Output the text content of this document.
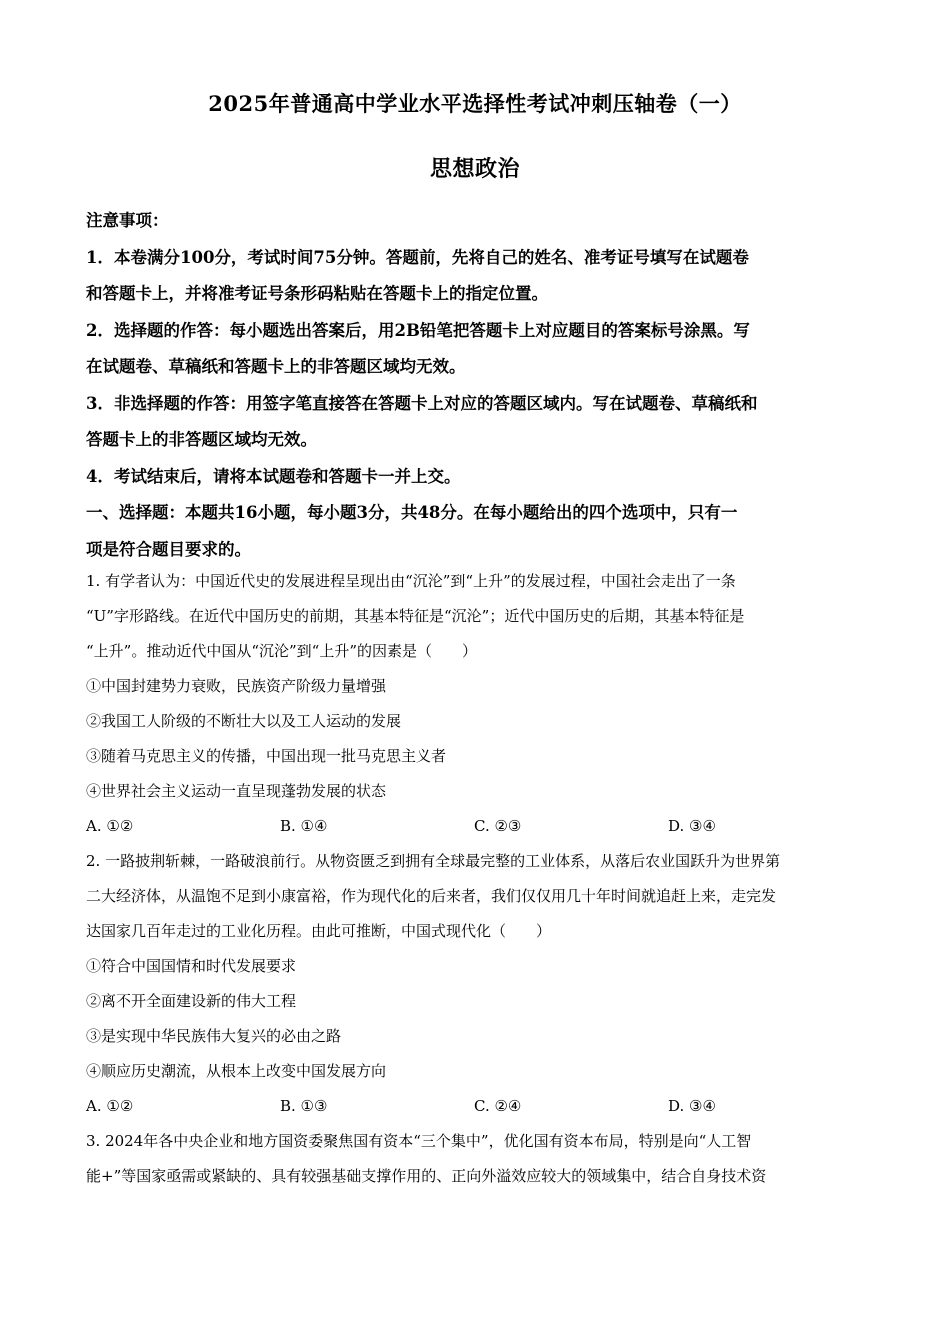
2025年普通高中学业水平选择性考试冲刺压轴卷（一）
思想政治

注意事项：

1．本卷满分100分，考试时间75分钟。答题前，先将自己的姓名、准考证号填写在试题卷

和答题卡上，并将准考证号条形码粘贴在答题卡上的指定位置。

2．选择题的作答：每小题选出答案后，用2B铅笔把答题卡上对应题目的答案标号涂黑。写

在试题卷、草稿纸和答题卡上的非答题区域均无效。

3．非选择题的作答：用签字笔直接答在答题卡上对应的答题区域内。写在试题卷、草稿纸和

答题卡上的非答题区域均无效。

4．考试结束后，请将本试题卷和答题卡一并上交。

一、选择题：本题共16小题，每小题3分，共48分。在每小题给出的四个选项中，只有一

项是符合题目要求的。

1. 有学者认为：中国近代史的发展进程呈现出由“沉沦”到“上升”的发展过程，中国社会走出了一条

“U”字形路线。在近代中国历史的前期，其基本特征是“沉沦”；近代中国历史的后期，其基本特征是

“上升”。推动近代中国从“沉沦”到“上升”的因素是（　　）

①中国封建势力衰败，民族资产阶级力量增强

②我国工人阶级的不断壮大以及工人运动的发展

③随着马克思主义的传播，中国出现一批马克思主义者

④世界社会主义运动一直呈现蓬勃发展的状态

A. ①②	B. ①④	C. ②③	D. ③④

2. 一路披荆斩棘，一路破浪前行。从物资匮乏到拥有全球最完整的工业体系，从落后农业国跃升为世界第

二大经济体，从温饱不足到小康富裕，作为现代化的后来者，我们仅仅用几十年时间就追赶上来，走完发

达国家几百年走过的工业化历程。由此可推断，中国式现代化（　　）

①符合中国国情和时代发展要求

②离不开全面建设新的伟大工程

③是实现中华民族伟大复兴的必由之路

④顺应历史潮流，从根本上改变中国发展方向

A. ①②	B. ①③	C. ②④	D. ③④

3. 2024年各中央企业和地方国资委聚焦国有资本“三个集中”，优化国有资本布局，特别是向“人工智

能+”等国家亟需或紧缺的、具有较强基础支撑作用的、正向外溢效应较大的领域集中，结合自身技术资
